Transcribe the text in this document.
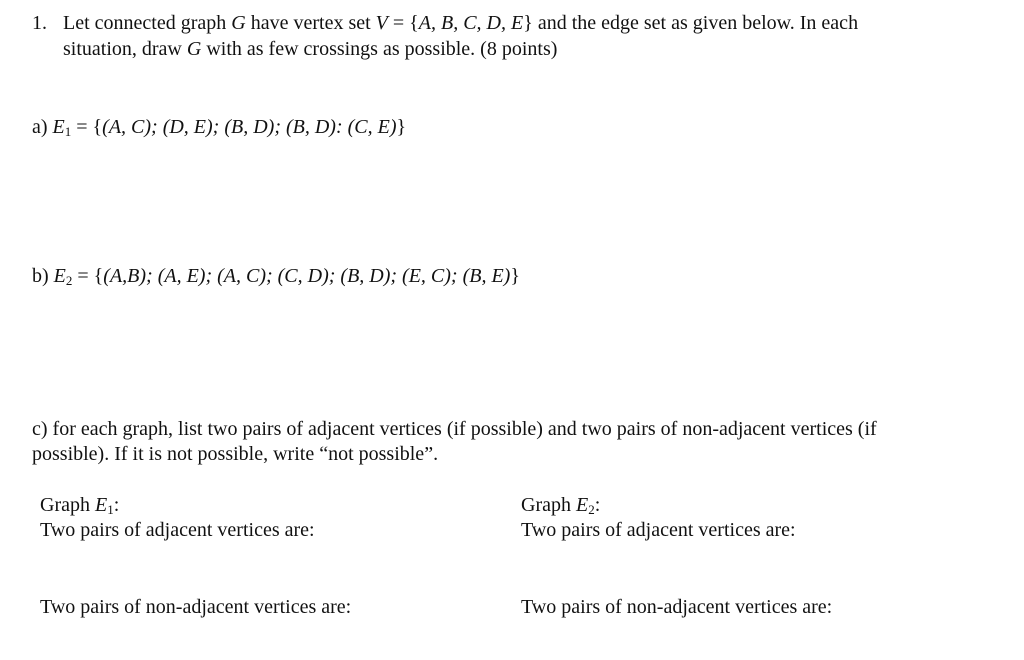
1. Let connected graph G have vertex set V = {A, B, C, D, E} and the edge set as given below. In each
situation, draw G with as few crossings as possible. (8 points)
a) $E_1 = \{(A$, C); (D, E); (B, D); (B, D): (C, E)}
b) $E_2 = \{(A,B)$; (A, E); (A, C); (C, D); (B, D); (E, C); (B, E)}
c) for each graph, list two pairs of adjacent vertices (if possible) and two pairs of non-adjacent vertices (if
possible). If it is not possible, write “not possible”.
Graph $E_1$:
Two pairs of adjacent vertices are:
Two pairs of non-adjacent vertices are:
Graph $E_2$:
Two pairs of adjacent vertices are:
Two pairs of non-adjacent vertices are:
